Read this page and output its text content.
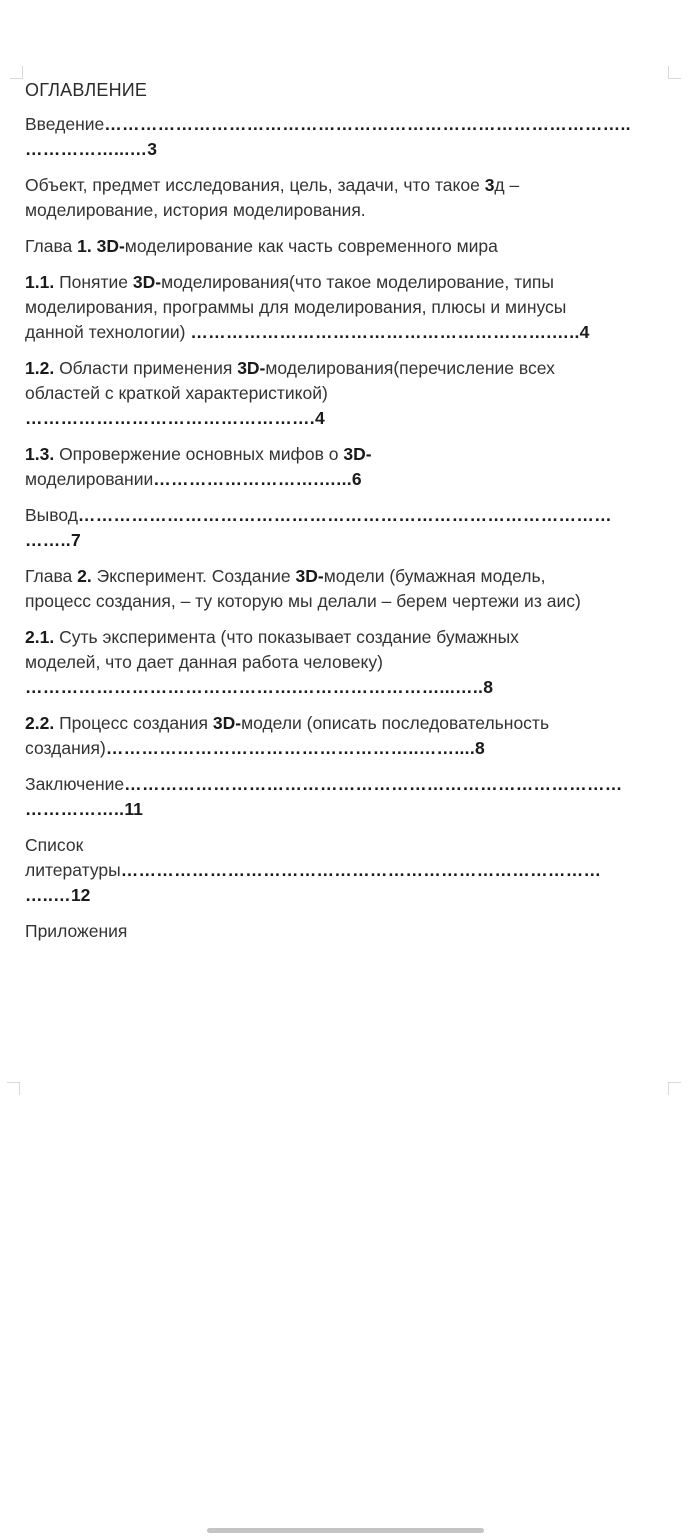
ОГЛАВЛЕНИЕ
Введение……………………………………………………………………………..
……………...…3
Объект, предмет исследования, цель, задачи, что такое 3д –
моделирование, история моделирования.
Глава 1. 3D-моделирование как часть современного мира
1.1. Понятие 3D-моделирования(что такое моделирование, типы
моделирования, программы для моделирования, плюсы и минусы
данной технологии) …………………………………………………….…..4
1.2. Области применения 3D-моделирования(перечисление всех
областей с краткой характеристикой)
………………………………………….4
1.3. Опровержение основных мифов о 3D-
моделировании……………………….…...6
Вывод………………………………………………………………………………
……..7
Глава 2. Эксперимент. Создание 3D-модели (бумажная модель,
процесс создания, – ту которую мы делали – берем чертежи из аис)
2.1. Суть эксперимента (что показывает создание бумажных
моделей, что дает данная работа человеку)
……………………………………….……………………...…..8
2.2. Процесс создания 3D-модели (описать последовательность
создания)……………………………………………..……....8
Заключение…………………………………………………………………………
……………..11
Список
литературы………………………………………………………………………
…..…12
Приложения
